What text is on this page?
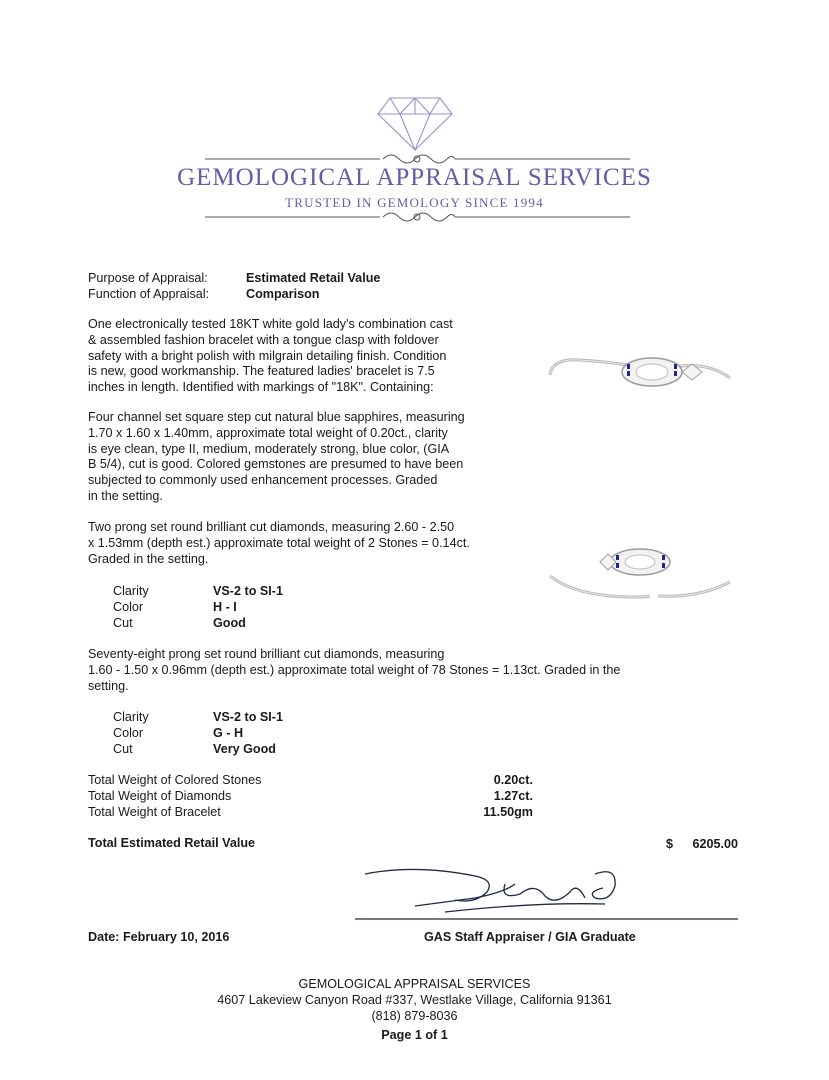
GEMOLOGICAL APPRAISAL SERVICES
TRUSTED IN GEMOLOGY SINCE 1994
Purpose of Appraisal:	Estimated Retail Value
Function of Appraisal:	Comparison
One electronically tested 18KT white gold lady's combination cast
& assembled fashion bracelet with a tongue clasp with foldover
safety with a bright polish with milgrain detailing finish. Condition
is new, good workmanship. The featured ladies' bracelet is 7.5
inches in length. Identified with markings of "18K". Containing:
Four channel set square step cut natural blue sapphires, measuring
1.70 x 1.60 x 1.40mm, approximate total weight of 0.20ct., clarity
is eye clean, type II, medium, moderately strong, blue color, (GIA
B 5/4), cut is good. Colored gemstones are presumed to have been
subjected to commonly used enhancement processes. Graded
in the setting.
Two prong set round brilliant cut diamonds, measuring 2.60 - 2.50
x 1.53mm (depth est.) approximate total weight of 2 Stones = 0.14ct.
Graded in the setting.
Clarity	VS-2 to SI-1
Color	H - I
Cut	Good
Seventy-eight prong set round brilliant cut diamonds, measuring
1.60 - 1.50 x 0.96mm (depth est.) approximate total weight of 78 Stones = 1.13ct. Graded in the
setting.
Clarity	VS-2 to SI-1
Color	G - H
Cut	Very Good
Total Weight of Colored Stones	0.20ct.
Total Weight of Diamonds	1.27ct.
Total Weight of Bracelet	11.50gm
Total Estimated Retail Value	$	6205.00
Date: February 10, 2016	GAS Staff Appraiser / GIA Graduate
GEMOLOGICAL APPRAISAL SERVICES
4607 Lakeview Canyon Road #337, Westlake Village, California 91361
(818) 879-8036
Page 1 of 1
